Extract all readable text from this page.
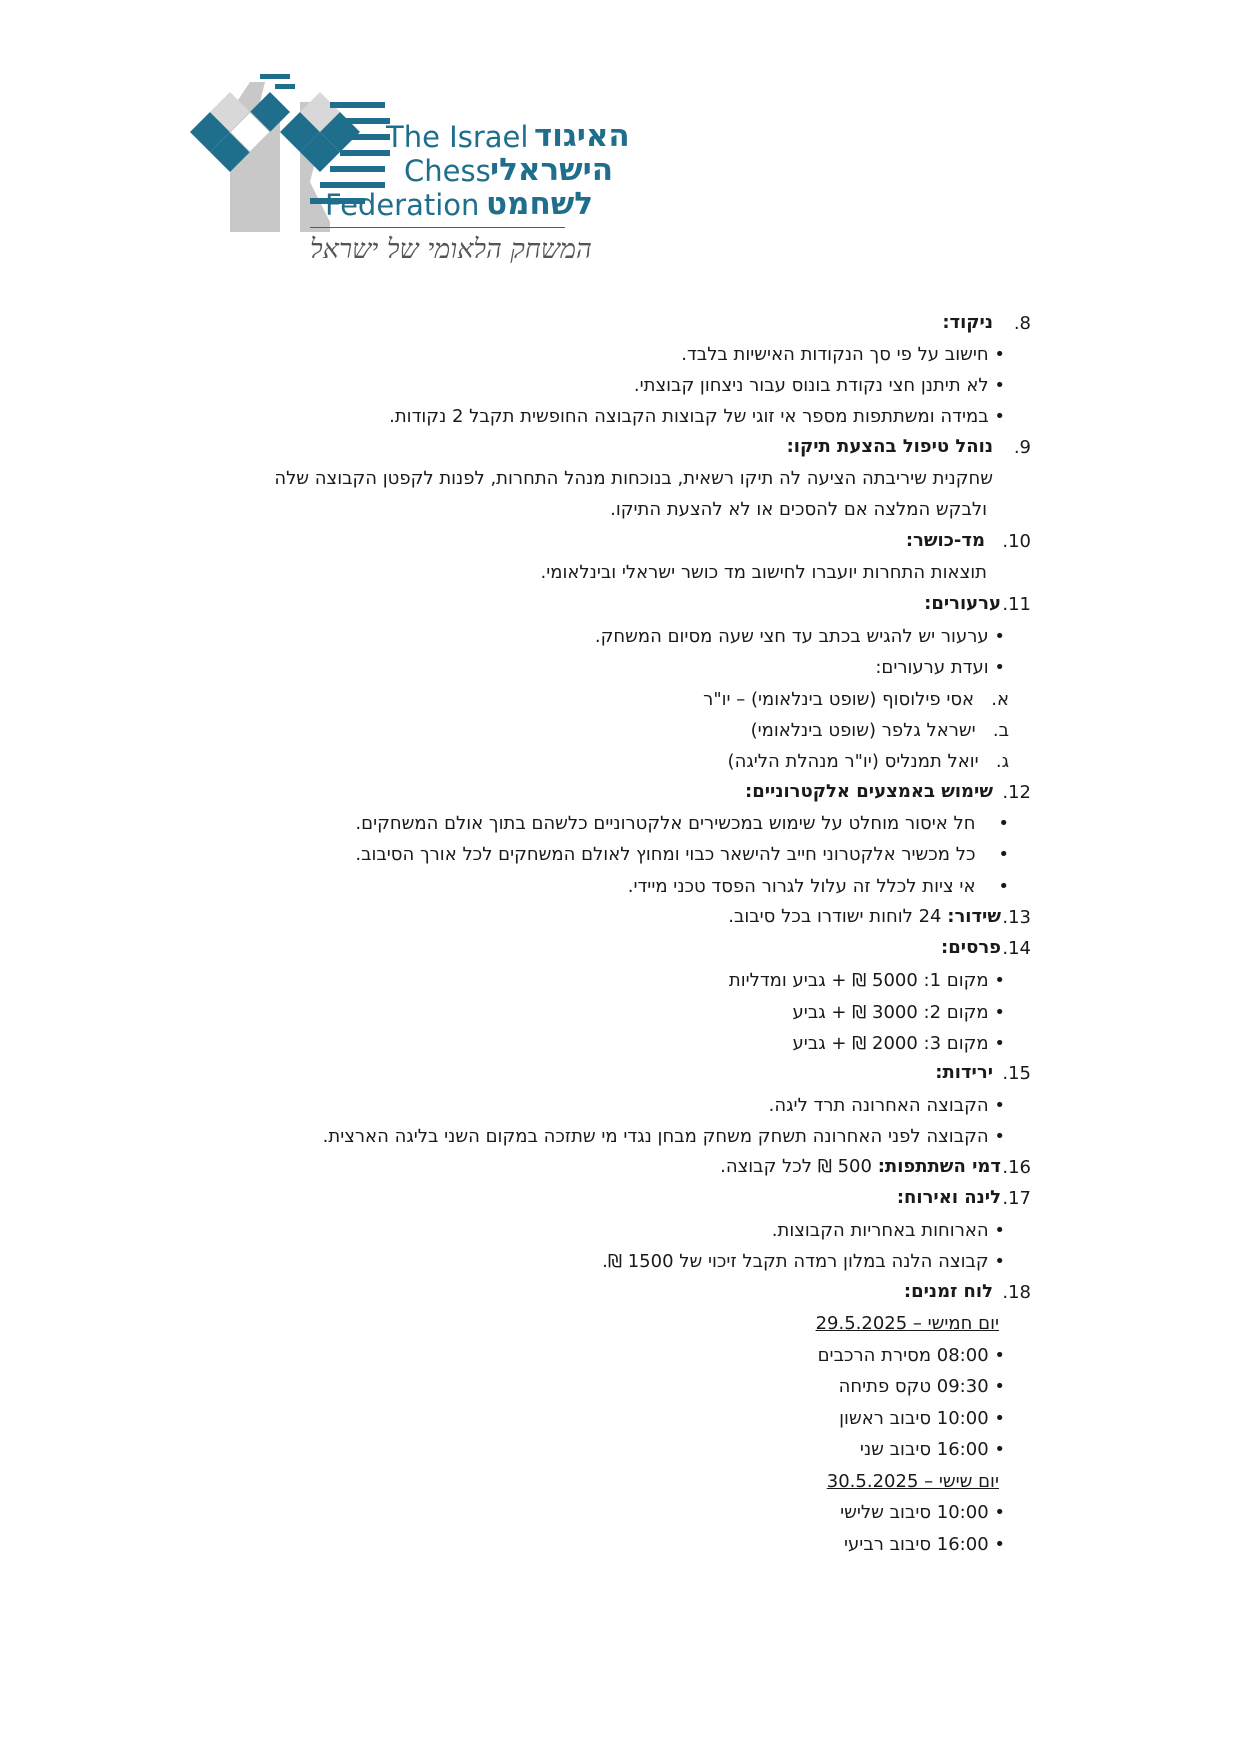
The Israel
Chess
Federation
האיגוד
הישראלי
לשחמט
המשחק הלאומי של ישראל
.8
ניקוד:
• חישוב על פי סך הנקודות האישיות בלבד.
• לא תיתנן חצי נקודת בונוס עבור ניצחון קבוצתי.
• במידה ומשתתפות מספר אי זוגי של קבוצות הקבוצה החופשית תקבל 2 נקודות.
.9
נוהל טיפול בהצעת תיקו:
שחקנית שיריבתה הציעה לה תיקו רשאית, בנוכחות מנהל התחרות, לפנות לקפטן הקבוצה שלה
ולבקש המלצה אם להסכים או לא להצעת התיקו.
.10
מד-כושר:
תוצאות התחרות יועברו לחישוב מד כושר ישראלי ובינלאומי.
.11
ערעורים:
• ערעור יש להגיש בכתב עד חצי שעה מסיום המשחק.
• ועדת ערעורים:
א.   אסי פילוסוף (שופט בינלאומי) – יו"ר
ב.   ישראל גלפר (שופט בינלאומי)
ג.   יואל תמנליס (יו"ר מנהלת הליגה)
.12
שימוש באמצעים אלקטרוניים:
•    חל איסור מוחלט על שימוש במכשירים אלקטרוניים כלשהם בתוך אולם המשחקים.
•    כל מכשיר אלקטרוני חייב להישאר כבוי ומחוץ לאולם המשחקים לכל אורך הסיבוב.
•    אי ציות לכלל זה עלול לגרור הפסד טכני מיידי.
.13
שידור: 24 לוחות ישודרו בכל סיבוב.
.14
פרסים:
• מקום 1: 5000 ₪ + גביע ומדליות
• מקום 2: 3000 ₪ + גביע
• מקום 3: 2000 ₪ + גביע
.15
ירידות:
• הקבוצה האחרונה תרד ליגה.
• הקבוצה לפני האחרונה תשחק משחק מבחן נגדי מי שתזכה במקום השני בליגה הארצית.
.16
דמי השתתפות: 500 ₪ לכל קבוצה.
.17
לינה ואירוח:
• הארוחות באחריות הקבוצות.
• קבוצה הלנה במלון רמדה תקבל זיכוי של 1500 ₪.
.18
לוח זמנים:
יום חמישי – 29.5.2025
• 08:00 מסירת הרכבים
• 09:30 טקס פתיחה
• 10:00 סיבוב ראשון
• 16:00 סיבוב שני
יום שישי – 30.5.2025
• 10:00 סיבוב שלישי
• 16:00 סיבוב רביעי
